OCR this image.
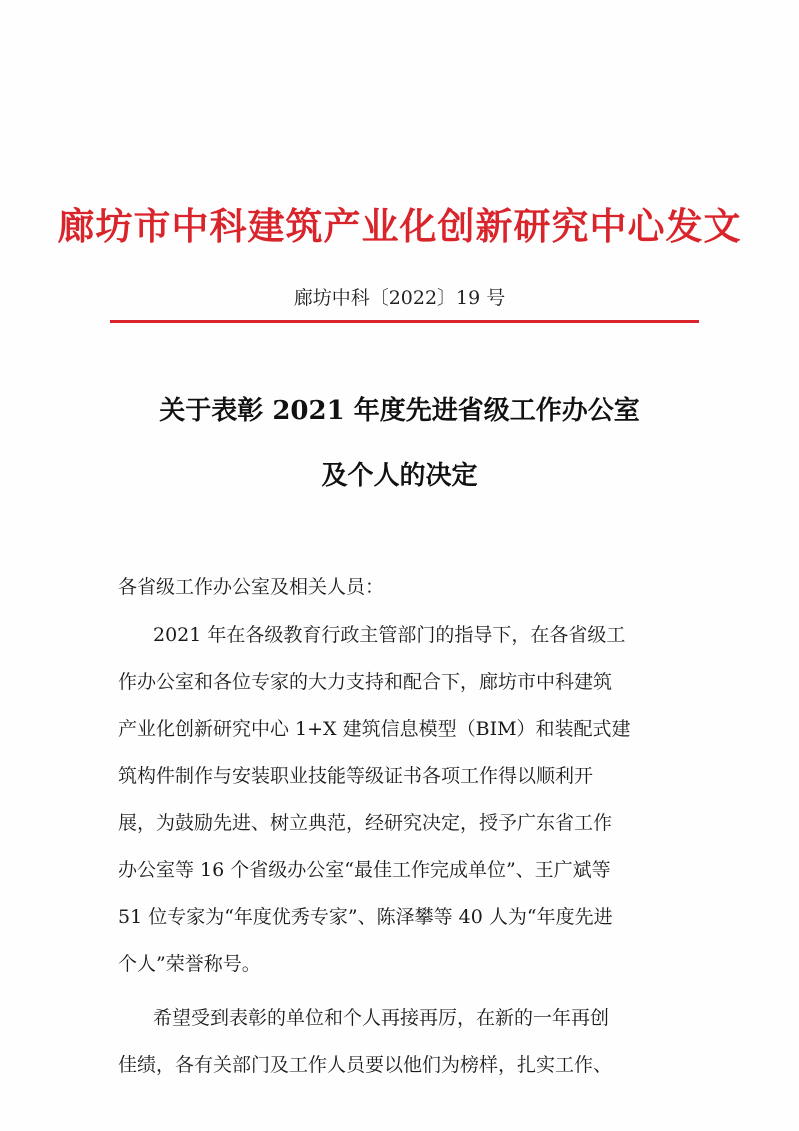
廊坊市中科建筑产业化创新研究中心发文
廊坊中科〔2022〕19 号
关于表彰 2021 年度先进省级工作办公室
及个人的决定
各省级工作办公室及相关人员：
2021 年在各级教育行政主管部门的指导下，在各省级工
作办公室和各位专家的大力支持和配合下，廊坊市中科建筑
产业化创新研究中心 1+X 建筑信息模型（BIM）和装配式建
筑构件制作与安装职业技能等级证书各项工作得以顺利开
展，为鼓励先进、树立典范，经研究决定，授予广东省工作
办公室等 16 个省级办公室“最佳工作完成单位”、王广斌等
51 位专家为“年度优秀专家”、陈泽攀等 40 人为“年度先进
个人”荣誉称号。
希望受到表彰的单位和个人再接再厉，在新的一年再创
佳绩，各有关部门及工作人员要以他们为榜样，扎实工作、
